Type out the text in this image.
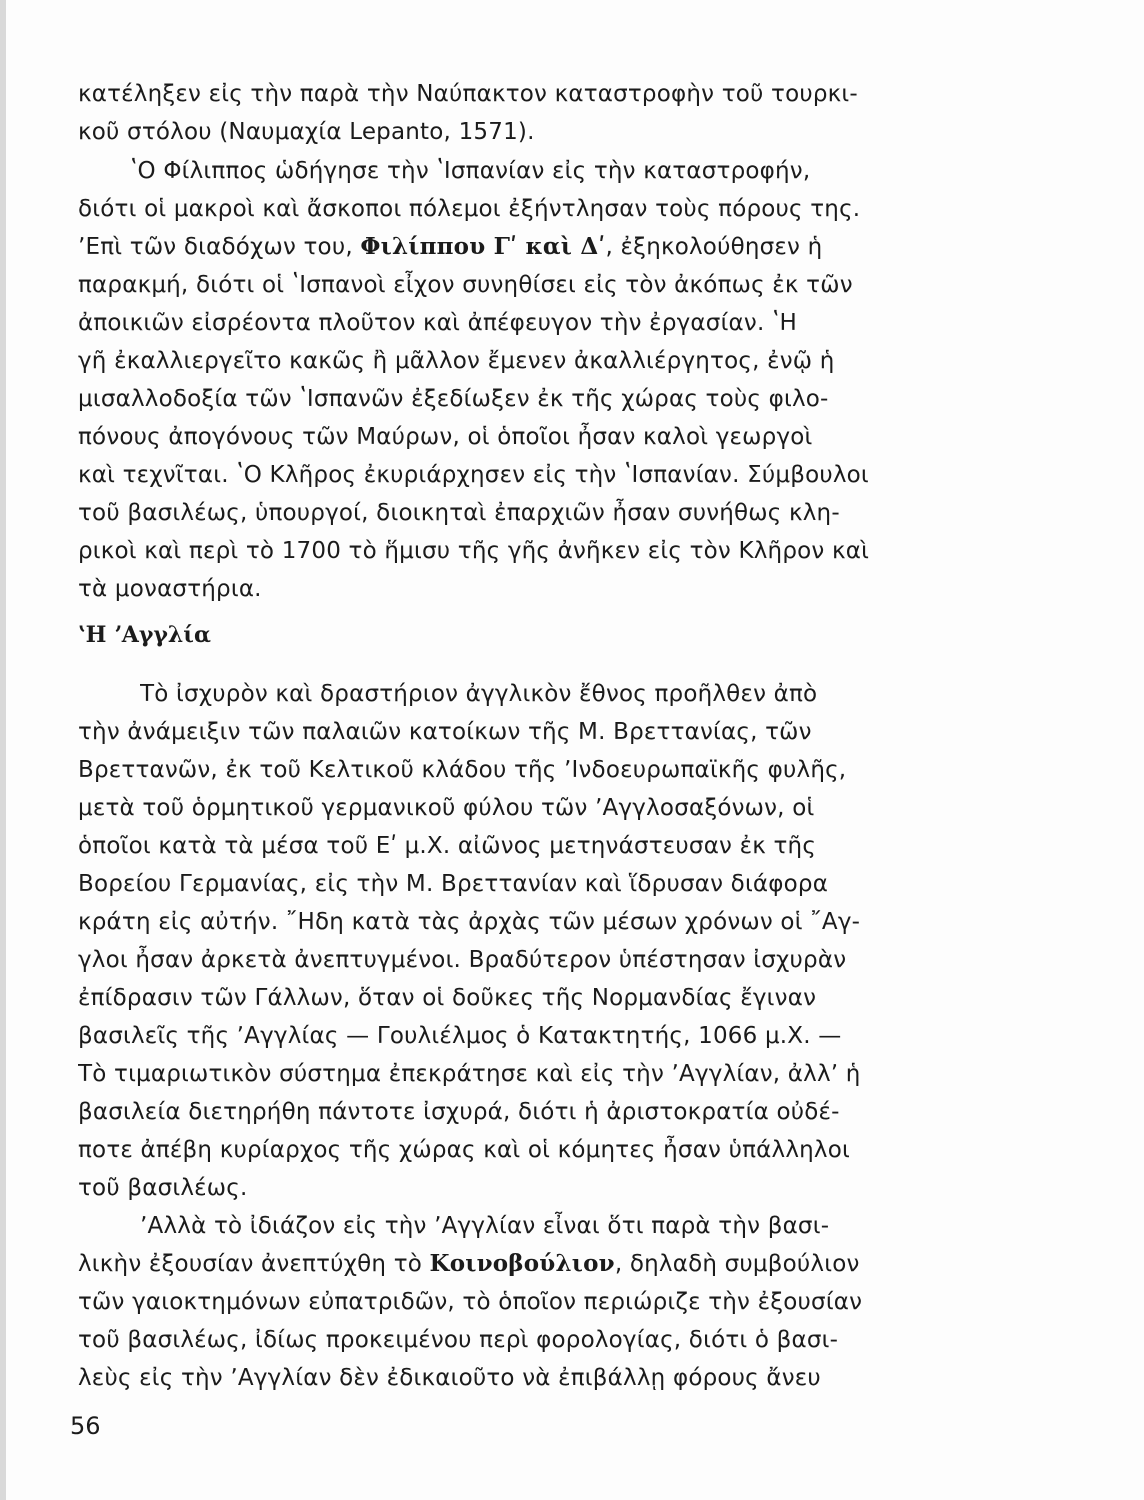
κατέληξεν εἰς τὴν παρὰ τὴν Ναύπακτον καταστροφὴν τοῦ τουρκι-
κοῦ στόλου (Ναυμαχία Lepanto, 1571).
ʽΟ Φίλιππος ὡδήγησε τὴν ʽΙσπανίαν εἰς τὴν καταστροφήν,
διότι οἱ μακροὶ καὶ ἄσκοποι πόλεμοι ἐξήντλησαν τοὺς πόρους της.
ʼΕπὶ τῶν διαδόχων του, Φιλίππου Γʹ καὶ Δʹ, ἐξηκολούθησεν ἡ
παρακμή, διότι οἱ ʽΙσπανοὶ εἶχον συνηθίσει εἰς τὸν ἀκόπως ἐκ τῶν
ἀποικιῶν εἰσρέοντα πλοῦτον καὶ ἀπέφευγον τὴν ἐργασίαν. ʽΗ
γῆ ἐκαλλιεργεῖτο κακῶς ἢ μᾶλλον ἔμενεν ἀκαλλιέργητος, ἐνῷ ἡ
μισαλλοδοξία τῶν ʽΙσπανῶν ἐξεδίωξεν ἐκ τῆς χώρας τοὺς φιλο-
πόνους ἀπογόνους τῶν Μαύρων, οἱ ὁποῖοι ἦσαν καλοὶ γεωργοὶ
καὶ τεχνῖται. ʽΟ Κλῆρος ἐκυριάρχησεν εἰς τὴν ʽΙσπανίαν. Σύμβουλοι
τοῦ βασιλέως, ὑπουργοί, διοικηταὶ ἐπαρχιῶν ἦσαν συνήθως κλη-
ρικοὶ καὶ περὶ τὸ 1700 τὸ ἥμισυ τῆς γῆς ἀνῆκεν εἰς τὸν Κλῆρον καὶ
τὰ μοναστήρια.
ʽΗ ʼΑγγλία
Τὸ ἰσχυρὸν καὶ δραστήριον ἀγγλικὸν ἔθνος προῆλθεν ἀπὸ
τὴν ἀνάμειξιν τῶν παλαιῶν κατοίκων τῆς Μ. Βρεττανίας, τῶν
Βρεττανῶν, ἐκ τοῦ Κελτικοῦ κλάδου τῆς ʼΙνδοευρωπαϊκῆς φυλῆς,
μετὰ τοῦ ὁρμητικοῦ γερμανικοῦ φύλου τῶν ʼΑγγλοσαξόνων, οἱ
ὁποῖοι κατὰ τὰ μέσα τοῦ Εʹ μ.Χ. αἰῶνος μετηνάστευσαν ἐκ τῆς
Βορείου Γερμανίας, εἰς τὴν Μ. Βρεττανίαν καὶ ἵδρυσαν διάφορα
κράτη εἰς αὐτήν. ῎Ηδη κατὰ τὰς ἀρχὰς τῶν μέσων χρόνων οἱ ῎Αγ-
γλοι ἦσαν ἀρκετὰ ἀνεπτυγμένοι. Βραδύτερον ὑπέστησαν ἰσχυρὰν
ἐπίδρασιν τῶν Γάλλων, ὅταν οἱ δοῦκες τῆς Νορμανδίας ἔγιναν
βασιλεῖς τῆς ʼΑγγλίας — Γουλιέλμος ὁ Κατακτητής, 1066 μ.Χ. —
Τὸ τιμαριωτικὸν σύστημα ἐπεκράτησε καὶ εἰς τὴν ʼΑγγλίαν, ἀλλʼ ἡ
βασιλεία διετηρήθη πάντοτε ἰσχυρά, διότι ἡ ἀριστοκρατία οὐδέ-
ποτε ἀπέβη κυρίαρχος τῆς χώρας καὶ οἱ κόμητες ἦσαν ὑπάλληλοι
τοῦ βασιλέως.
ʼΑλλὰ τὸ ἰδιάζον εἰς τὴν ʼΑγγλίαν εἶναι ὅτι παρὰ τὴν βασι-
λικὴν ἐξουσίαν ἀνεπτύχθη τὸ Κοινοβούλιον, δηλαδὴ συμβούλιον
τῶν γαιοκτημόνων εὐπατριδῶν, τὸ ὁποῖον περιώριζε τὴν ἐξουσίαν
τοῦ βασιλέως, ἰδίως προκειμένου περὶ φορολογίας, διότι ὁ βασι-
λεὺς εἰς τὴν ʼΑγγλίαν δὲν ἐδικαιοῦτο νὰ ἐπιβάλλῃ φόρους ἄνευ
56
